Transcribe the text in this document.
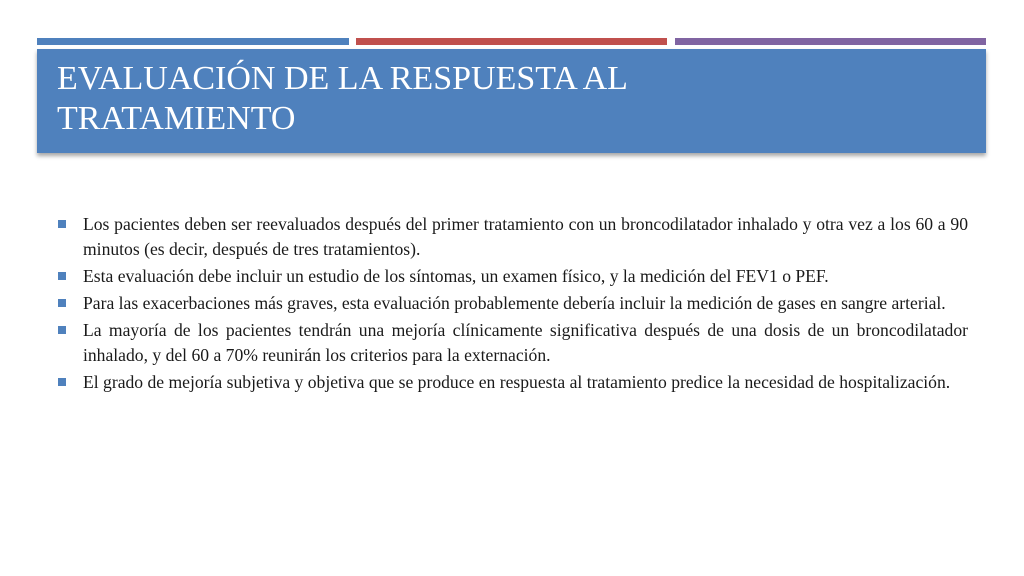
EVALUACIÓN DE LA RESPUESTA AL TRATAMIENTO
Los pacientes deben ser reevaluados después del primer tratamiento con un broncodilatador inhalado y otra vez a los 60 a 90 minutos (es decir, después de tres tratamientos).
Esta evaluación debe incluir un estudio de los síntomas, un examen físico, y la medición del FEV1 o PEF.
Para las exacerbaciones más graves, esta evaluación probablemente debería incluir la medición de gases en sangre arterial.
La mayoría de los pacientes tendrán una mejoría clínicamente significativa después de una dosis de un broncodilatador inhalado, y del 60 a 70% reunirán los criterios para la externación.
El grado de mejoría subjetiva y objetiva que se produce en respuesta al tratamiento predice la necesidad de hospitalización.
